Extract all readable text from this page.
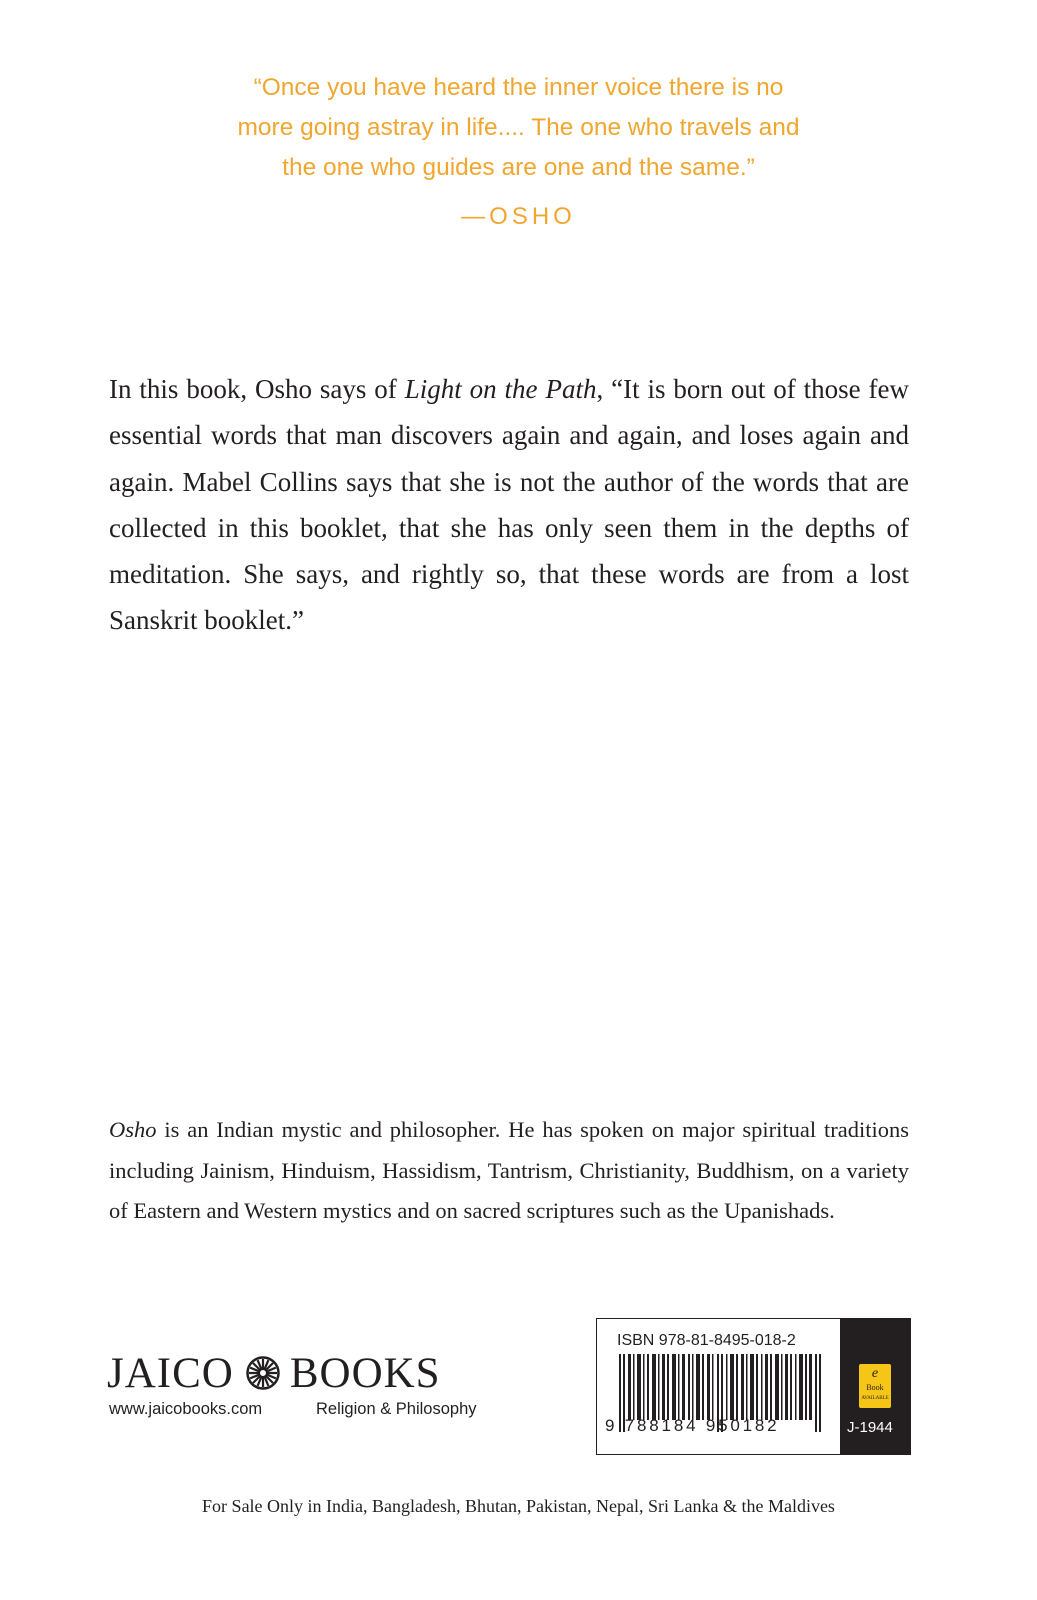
“Once you have heard the inner voice there is no
more going astray in life.... The one who travels and
the one who guides are one and the same.”
—OSHO
In this book, Osho says of Light on the Path, “It is born out of those few essential words that man discovers again and again, and loses again and again. Mabel Collins says that she is not the author of the words that are collected in this booklet, that she has only seen them in the depths of meditation. She says, and rightly so, that these words are from a lost Sanskrit booklet.”
Osho is an Indian mystic and philosopher. He has spoken on major spiritual traditions including Jainism, Hinduism, Hassidism, Tantrism, Christianity, Buddhism, on a variety of Eastern and Western mystics and on sacred scriptures such as the Upanishads.
JAICO BOOKS
www.jaicobooks.com	Religion & Philosophy
ISBN 978-81-8495-018-2
9 788184 950182
e
Book
AVAILABLE
J-1944
For Sale Only in India, Bangladesh, Bhutan, Pakistan, Nepal, Sri Lanka & the Maldives
